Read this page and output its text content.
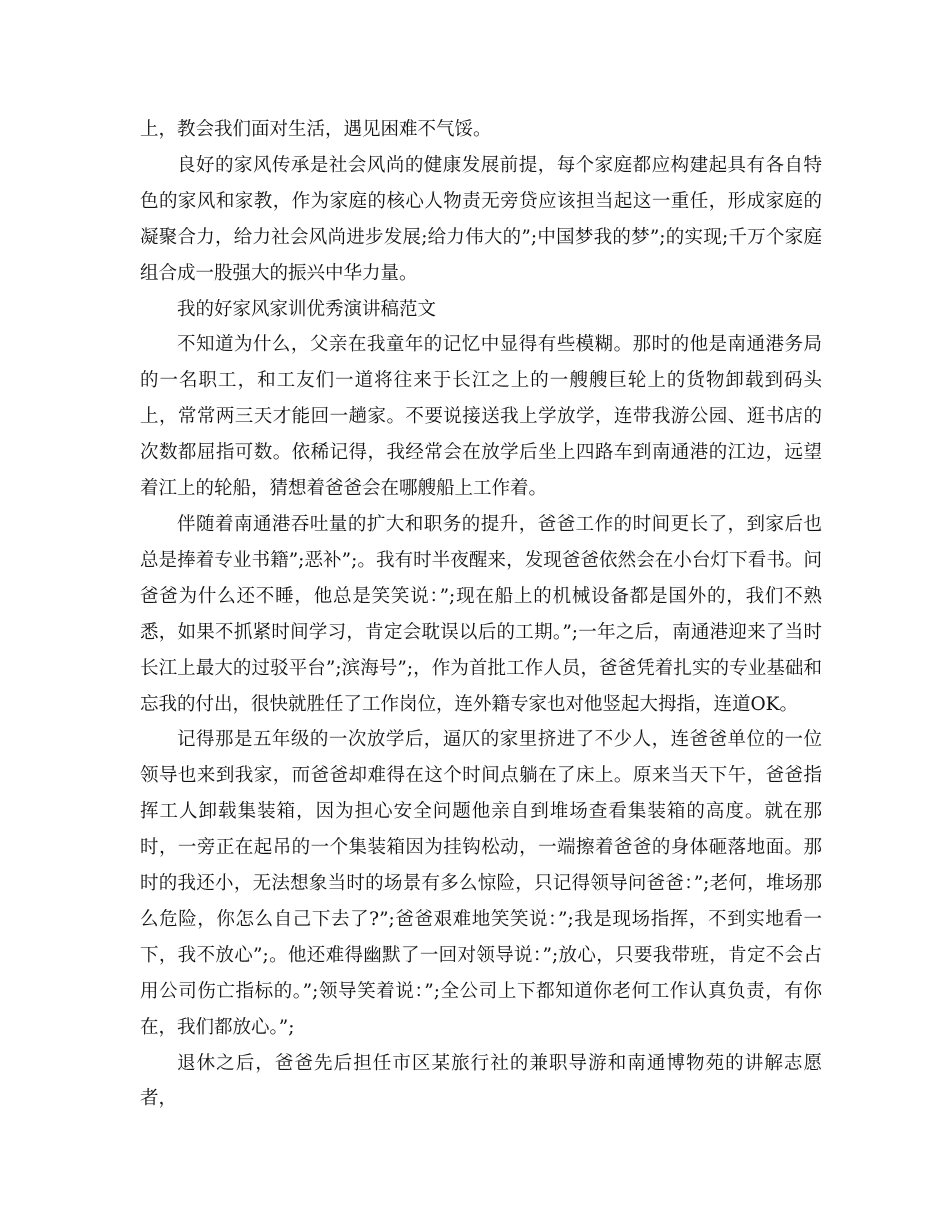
上，教会我们面对生活，遇见困难不气馁。

良好的家风传承是社会风尚的健康发展前提，每个家庭都应构建起具有各自特色的家风和家教，作为家庭的核心人物责无旁贷应该担当起这一重任，形成家庭的凝聚合力，给力社会风尚进步发展;给力伟大的”;中国梦我的梦”;的实现;千万个家庭组合成一股强大的振兴中华力量。

我的好家风家训优秀演讲稿范文

不知道为什么，父亲在我童年的记忆中显得有些模糊。那时的他是南通港务局的一名职工，和工友们一道将往来于长江之上的一艘艘巨轮上的货物卸载到码头上，常常两三天才能回一趟家。不要说接送我上学放学，连带我游公园、逛书店的次数都屈指可数。依稀记得，我经常会在放学后坐上四路车到南通港的江边，远望着江上的轮船，猜想着爸爸会在哪艘船上工作着。

伴随着南通港吞吐量的扩大和职务的提升，爸爸工作的时间更长了，到家后也总是捧着专业书籍”;恶补”;。我有时半夜醒来，发现爸爸依然会在小台灯下看书。问爸爸为什么还不睡，他总是笑笑说：”;现在船上的机械设备都是国外的，我们不熟悉，如果不抓紧时间学习，肯定会耽误以后的工期。”;一年之后，南通港迎来了当时长江上最大的过驳平台”;滨海号”;，作为首批工作人员，爸爸凭着扎实的专业基础和忘我的付出，很快就胜任了工作岗位，连外籍专家也对他竖起大拇指，连道OK。

记得那是五年级的一次放学后，逼仄的家里挤进了不少人，连爸爸单位的一位领导也来到我家，而爸爸却难得在这个时间点躺在了床上。原来当天下午，爸爸指挥工人卸载集装箱，因为担心安全问题他亲自到堆场查看集装箱的高度。就在那时，一旁正在起吊的一个集装箱因为挂钩松动，一端擦着爸爸的身体砸落地面。那时的我还小，无法想象当时的场景有多么惊险，只记得领导问爸爸：”;老何，堆场那么危险，你怎么自己下去了?”;爸爸艰难地笑笑说：”;我是现场指挥，不到实地看一下，我不放心”;。他还难得幽默了一回对领导说：”;放心，只要我带班，肯定不会占用公司伤亡指标的。”;领导笑着说：”;全公司上下都知道你老何工作认真负责，有你在，我们都放心。”;

退休之后，爸爸先后担任市区某旅行社的兼职导游和南通博物苑的讲解志愿者，
